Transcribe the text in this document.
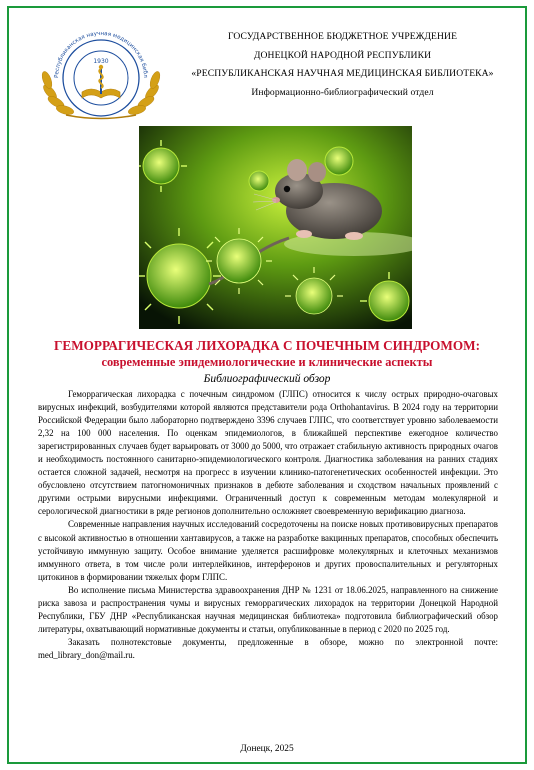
Республиканская научная медицинская библ
1930
ГОСУДАРСТВЕННОЕ БЮДЖЕТНОЕ УЧРЕЖДЕНИЕ
ДОНЕЦКОЙ НАРОДНОЙ РЕСПУБЛИКИ
«РЕСПУБЛИКАНСКАЯ НАУЧНАЯ МЕДИЦИНСКАЯ БИБЛИОТЕКА»
Информационно-библиографический отдел
ГЕМОРРАГИЧЕСКАЯ ЛИХОРАДКА С ПОЧЕЧНЫМ СИНДРОМОМ:
современные эпидемиологические и клинические аспекты
Библиографический обзор

Геморрагическая лихорадка с почечным синдромом (ГЛПС) относится к числу острых природно-очаговых вирусных инфекций, возбудителями которой являются представители рода Orthohantavirus. В 2024 году на территории Российской Федерации было лабораторно подтверждено 3396 случаев ГЛПС, что соответствует уровню заболеваемости 2,32 на 100 000 населения. По оценкам эпидемиологов, в ближайшей перспективе ежегодное количество зарегистрированных случаев будет варьировать от 3000 до 5000, что отражает стабильную активность природных очагов и необходимость постоянного санитарно-эпидемиологического контроля. Диагностика заболевания на ранних стадиях остается сложной задачей, несмотря на прогресс в изучении клинико-патогенетических особенностей инфекции. Это обусловлено отсутствием патогномоничных признаков в дебюте заболевания и сходством начальных проявлений с другими острыми вирусными инфекциями. Ограниченный доступ к современным методам молекулярной и серологической диагностики в ряде регионов дополнительно осложняет своевременную верификацию диагноза.

Современные направления научных исследований сосредоточены на поиске новых противовирусных препаратов с высокой активностью в отношении хантавирусов, а также на разработке вакцинных препаратов, способных обеспечить устойчивую иммунную защиту. Особое внимание уделяется расшифровке молекулярных и клеточных механизмов иммунного ответа, в том числе роли интерлейкинов, интерферонов и других провоспалительных и регуляторных цитокинов в формировании тяжелых форм ГЛПС.

Во исполнение письма Министерства здравоохранения ДНР № 1231 от 18.06.2025, направленного на снижение риска завоза и распространения чумы и вирусных геморрагических лихорадок на территории Донецкой Народной Республики, ГБУ ДНР «Республиканская научная медицинская библиотека» подготовила библиографический обзор литературы, охватывающий нормативные документы и статьи, опубликованные в период с 2020 по 2025 год.

Заказать полнотекстовые документы, предложенные в обзоре, можно по электронной почте: med_library_don@mail.ru.

Донецк, 2025
